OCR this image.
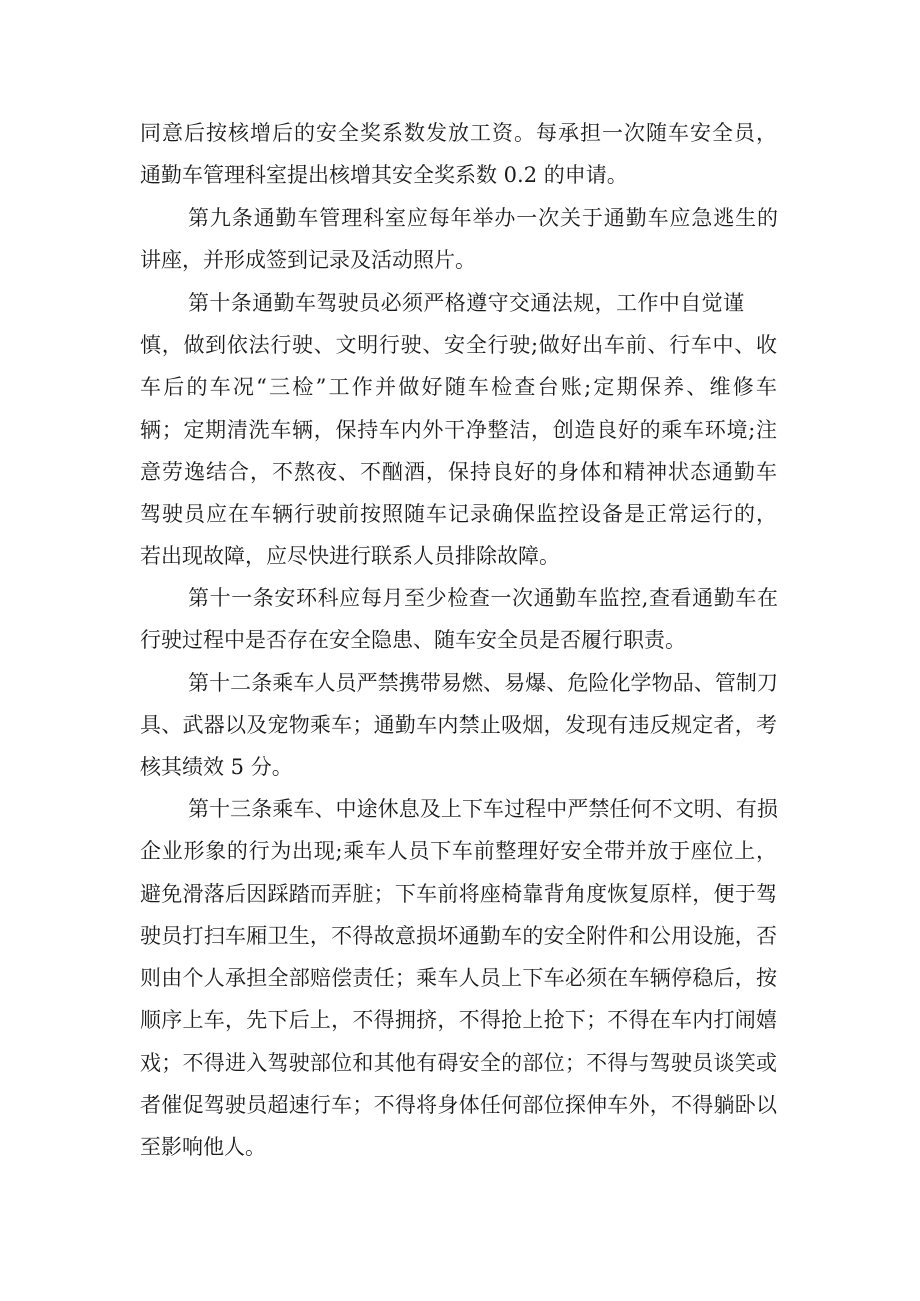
同意后按核增后的安全奖系数发放工资。每承担一次随车安全员，
通勤车管理科室提出核增其安全奖系数 0.2 的申请。
第九条通勤车管理科室应每年举办一次关于通勤车应急逃生的
讲座，并形成签到记录及活动照片。
第十条通勤车驾驶员必须严格遵守交通法规，工作中自觉谨
慎，做到依法行驶、文明行驶、安全行驶;做好出车前、行车中、收
车后的车况“三检”工作并做好随车检查台账;定期保养、维修车
辆；定期清洗车辆，保持车内外干净整洁，创造良好的乘车环境;注
意劳逸结合，不熬夜、不酗酒，保持良好的身体和精神状态通勤车
驾驶员应在车辆行驶前按照随车记录确保监控设备是正常运行的，
若出现故障，应尽快进行联系人员排除故障。
第十一条安环科应每月至少检查一次通勤车监控,查看通勤车在
行驶过程中是否存在安全隐患、随车安全员是否履行职责。
第十二条乘车人员严禁携带易燃、易爆、危险化学物品、管制刀
具、武器以及宠物乘车；通勤车内禁止吸烟，发现有违反规定者，考
核其绩效 5 分。
第十三条乘车、中途休息及上下车过程中严禁任何不文明、有损
企业形象的行为出现;乘车人员下车前整理好安全带并放于座位上，
避免滑落后因踩踏而弄脏；下车前将座椅靠背角度恢复原样，便于驾
驶员打扫车厢卫生，不得故意损坏通勤车的安全附件和公用设施，否
则由个人承担全部赔偿责任；乘车人员上下车必须在车辆停稳后，按
顺序上车，先下后上，不得拥挤，不得抢上抢下；不得在车内打闹嬉
戏；不得进入驾驶部位和其他有碍安全的部位；不得与驾驶员谈笑或
者催促驾驶员超速行车；不得将身体任何部位探伸车外，不得躺卧以
至影响他人。
